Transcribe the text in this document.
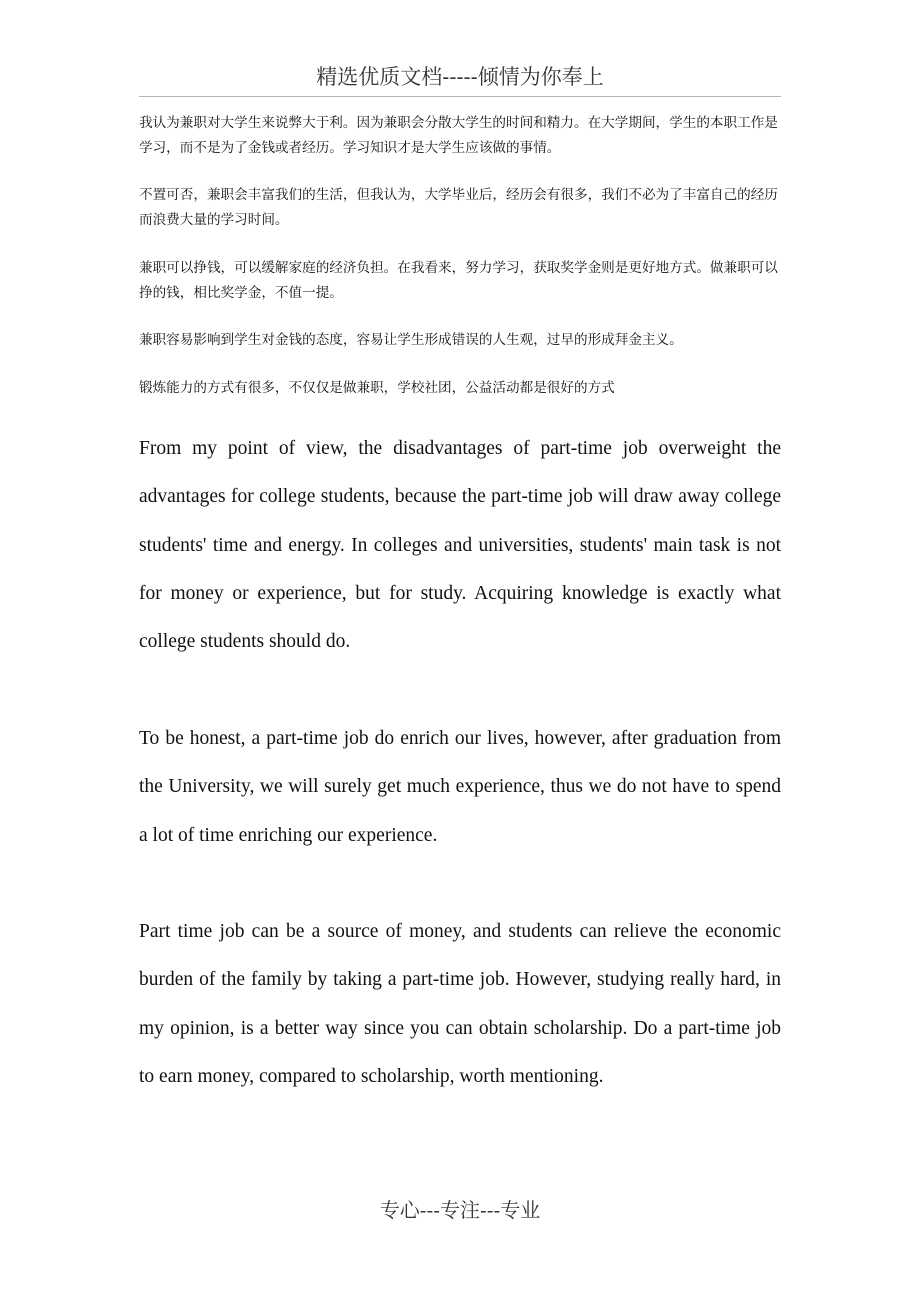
精选优质文档-----倾情为你奉上

我认为兼职对大学生来说弊大于利。因为兼职会分散大学生的时间和精力。在大学期间，学生的本职工作是学习，而不是为了金钱或者经历。学习知识才是大学生应该做的事情。

不置可否，兼职会丰富我们的生活，但我认为，大学毕业后，经历会有很多，我们不必为了丰富自己的经历而浪费大量的学习时间。

兼职可以挣钱，可以缓解家庭的经济负担。在我看来，努力学习，获取奖学金则是更好地方式。做兼职可以挣的钱，相比奖学金，不值一提。

兼职容易影响到学生对金钱的态度，容易让学生形成错误的人生观，过早的形成拜金主义。

锻炼能力的方式有很多，不仅仅是做兼职，学校社团，公益活动都是很好的方式

From my point of view, the disadvantages of part-time job overweight the advantages for college students, because the part-time job will draw away college students' time and energy. In colleges and universities, students' main task is not for money or experience, but for study. Acquiring knowledge is exactly what college students should do.

To be honest, a part-time job do enrich our lives, however, after graduation from the University, we will surely get much experience, thus we do not have to spend a lot of time enriching our experience.

Part time job can be a source of money, and students can relieve the economic burden of the family by taking a part-time job. However, studying really hard, in my opinion, is a better way since you can obtain scholarship. Do a part-time job to earn money, compared to scholarship, worth mentioning.

专心---专注---专业
